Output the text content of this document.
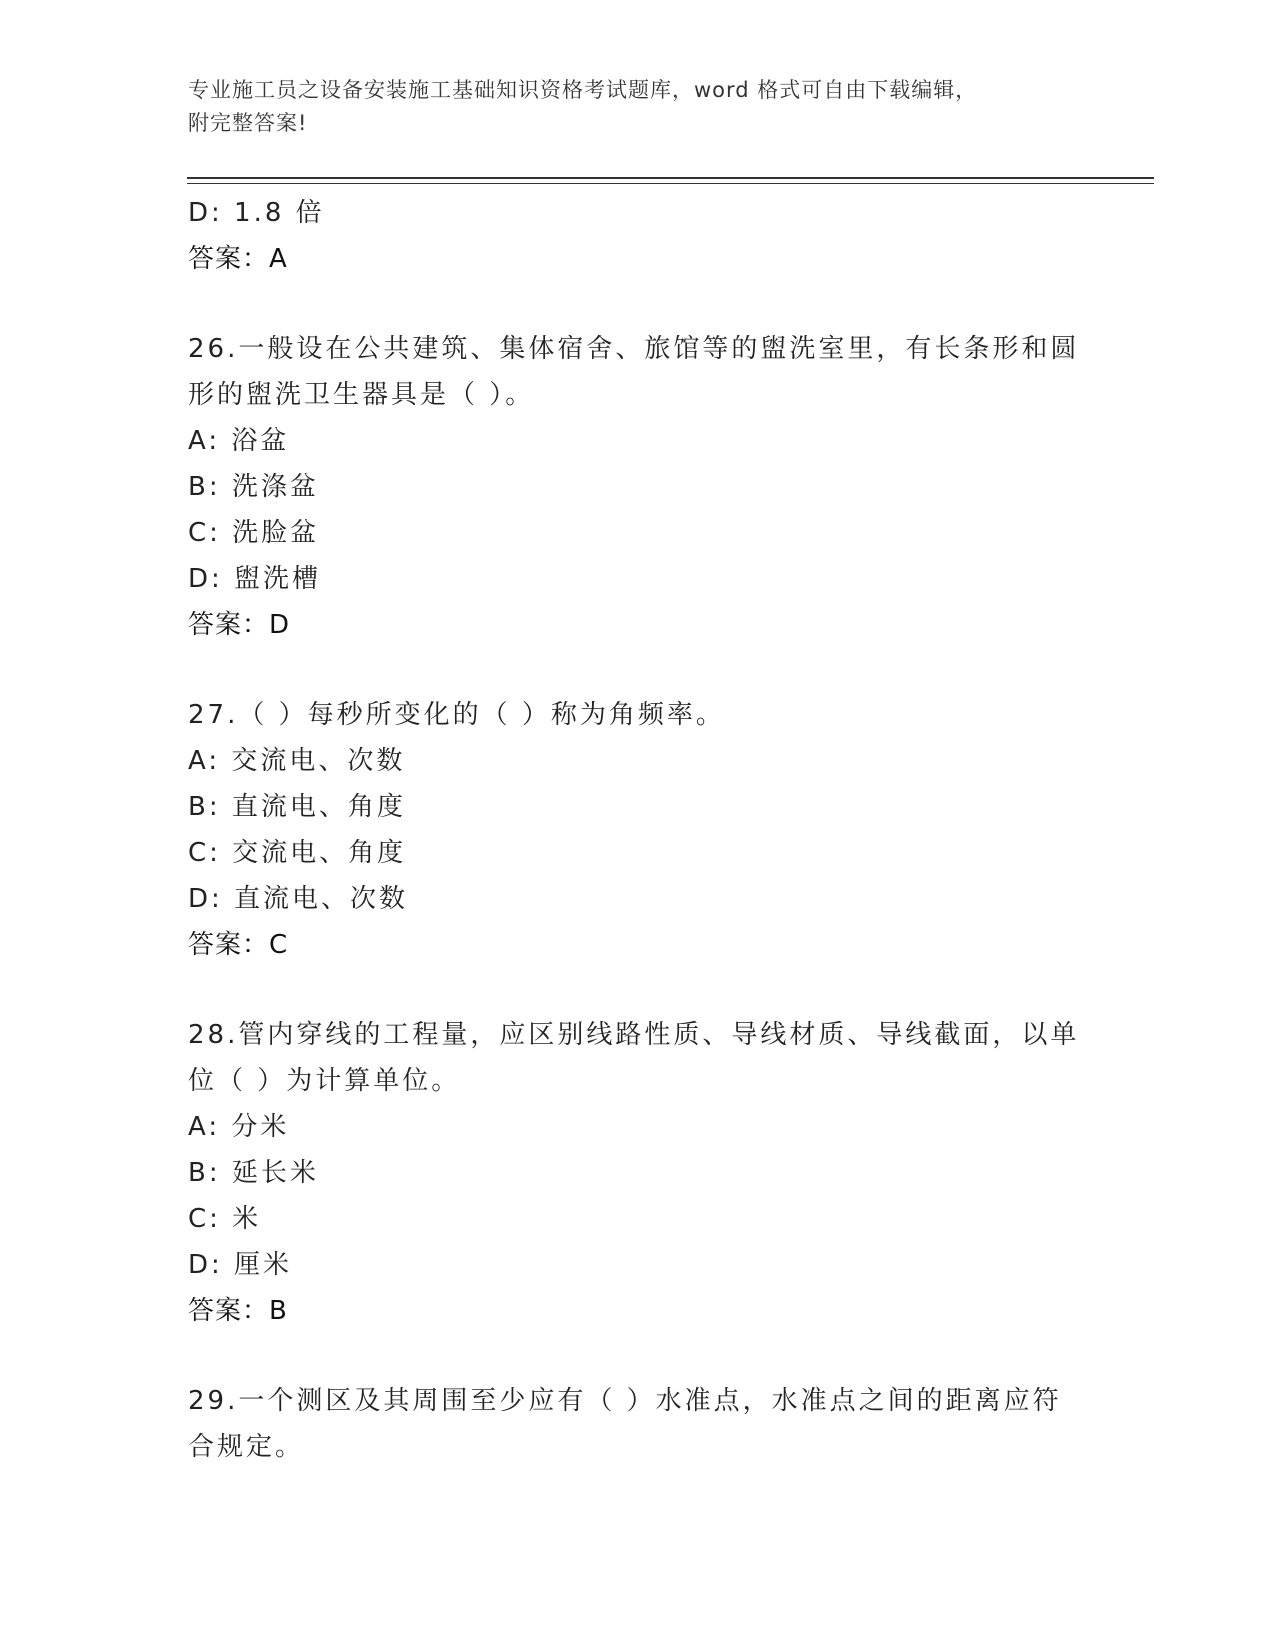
专业施工员之设备安装施工基础知识资格考试题库，word 格式可自由下载编辑，
附完整答案!
D: 1.8 倍
答案：A
26.一般设在公共建筑、集体宿舍、旅馆等的盥洗室里，有长条形和圆
形的盥洗卫生器具是（ ）。
A: 浴盆
B: 洗涤盆
C: 洗脸盆
D: 盥洗槽
答案：D
27.（ ）每秒所变化的（ ）称为角频率。
A: 交流电、次数
B: 直流电、角度
C: 交流电、角度
D: 直流电、次数
答案：C
28.管内穿线的工程量，应区别线路性质、导线材质、导线截面，以单
位（ ）为计算单位。
A: 分米
B: 延长米
C: 米
D: 厘米
答案：B
29.一个测区及其周围至少应有（ ）水准点，水准点之间的距离应符
合规定。
